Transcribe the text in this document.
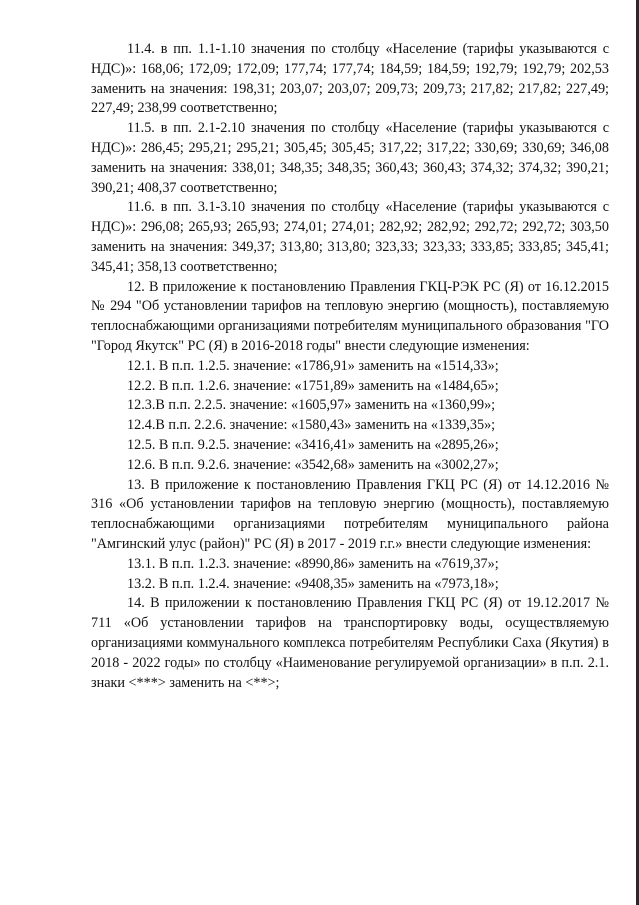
11.4. в пп. 1.1-1.10 значения по столбцу «Население (тарифы указываются с НДС)»: 168,06; 172,09; 172,09; 177,74; 177,74; 184,59; 184,59; 192,79; 192,79; 202,53 заменить на значения: 198,31; 203,07; 203,07; 209,73; 209,73; 217,82; 217,82; 227,49; 227,49; 238,99 соответственно;

11.5. в пп. 2.1-2.10 значения по столбцу «Население (тарифы указываются с НДС)»: 286,45; 295,21; 295,21; 305,45; 305,45; 317,22; 317,22; 330,69; 330,69; 346,08 заменить на значения: 338,01; 348,35; 348,35; 360,43; 360,43; 374,32; 374,32; 390,21; 390,21; 408,37 соответственно;

11.6. в пп. 3.1-3.10 значения по столбцу «Население (тарифы указываются с НДС)»: 296,08; 265,93; 265,93; 274,01; 274,01; 282,92; 282,92; 292,72; 292,72; 303,50 заменить на значения: 349,37; 313,80; 313,80; 323,33; 323,33; 333,85; 333,85; 345,41; 345,41; 358,13 соответственно;

12. В приложение к постановлению Правления ГКЦ-РЭК РС (Я) от 16.12.2015 № 294 "Об установлении тарифов на тепловую энергию (мощность), поставляемую теплоснабжающими организациями потребителям муниципального образования "ГО "Город Якутск" РС (Я) в 2016-2018 годы" внести следующие изменения:

12.1. В п.п. 1.2.5. значение: «1786,91» заменить на «1514,33»;

12.2. В п.п. 1.2.6. значение: «1751,89» заменить на «1484,65»;

12.3.В п.п. 2.2.5. значение: «1605,97» заменить на «1360,99»;

12.4.В п.п. 2.2.6. значение: «1580,43» заменить на «1339,35»;

12.5. В п.п. 9.2.5. значение: «3416,41» заменить на «2895,26»;

12.6. В п.п. 9.2.6. значение: «3542,68» заменить на «3002,27»;

13. В приложение к постановлению Правления ГКЦ РС (Я) от 14.12.2016 № 316 «Об установлении тарифов на тепловую энергию (мощность), поставляемую теплоснабжающими организациями потребителям муниципального района "Амгинский улус (район)" РС (Я) в 2017 - 2019 г.г.» внести следующие изменения:

13.1. В п.п. 1.2.3. значение: «8990,86» заменить на «7619,37»;

13.2. В п.п. 1.2.4. значение: «9408,35» заменить на «7973,18»;

14. В приложении к постановлению Правления ГКЦ РС (Я) от 19.12.2017 № 711 «Об установлении тарифов на транспортировку воды, осуществляемую организациями коммунального комплекса потребителям Республики Саха (Якутия) в 2018 - 2022 годы» по столбцу «Наименование регулируемой организации» в п.п. 2.1. знаки <***> заменить на <**>;
